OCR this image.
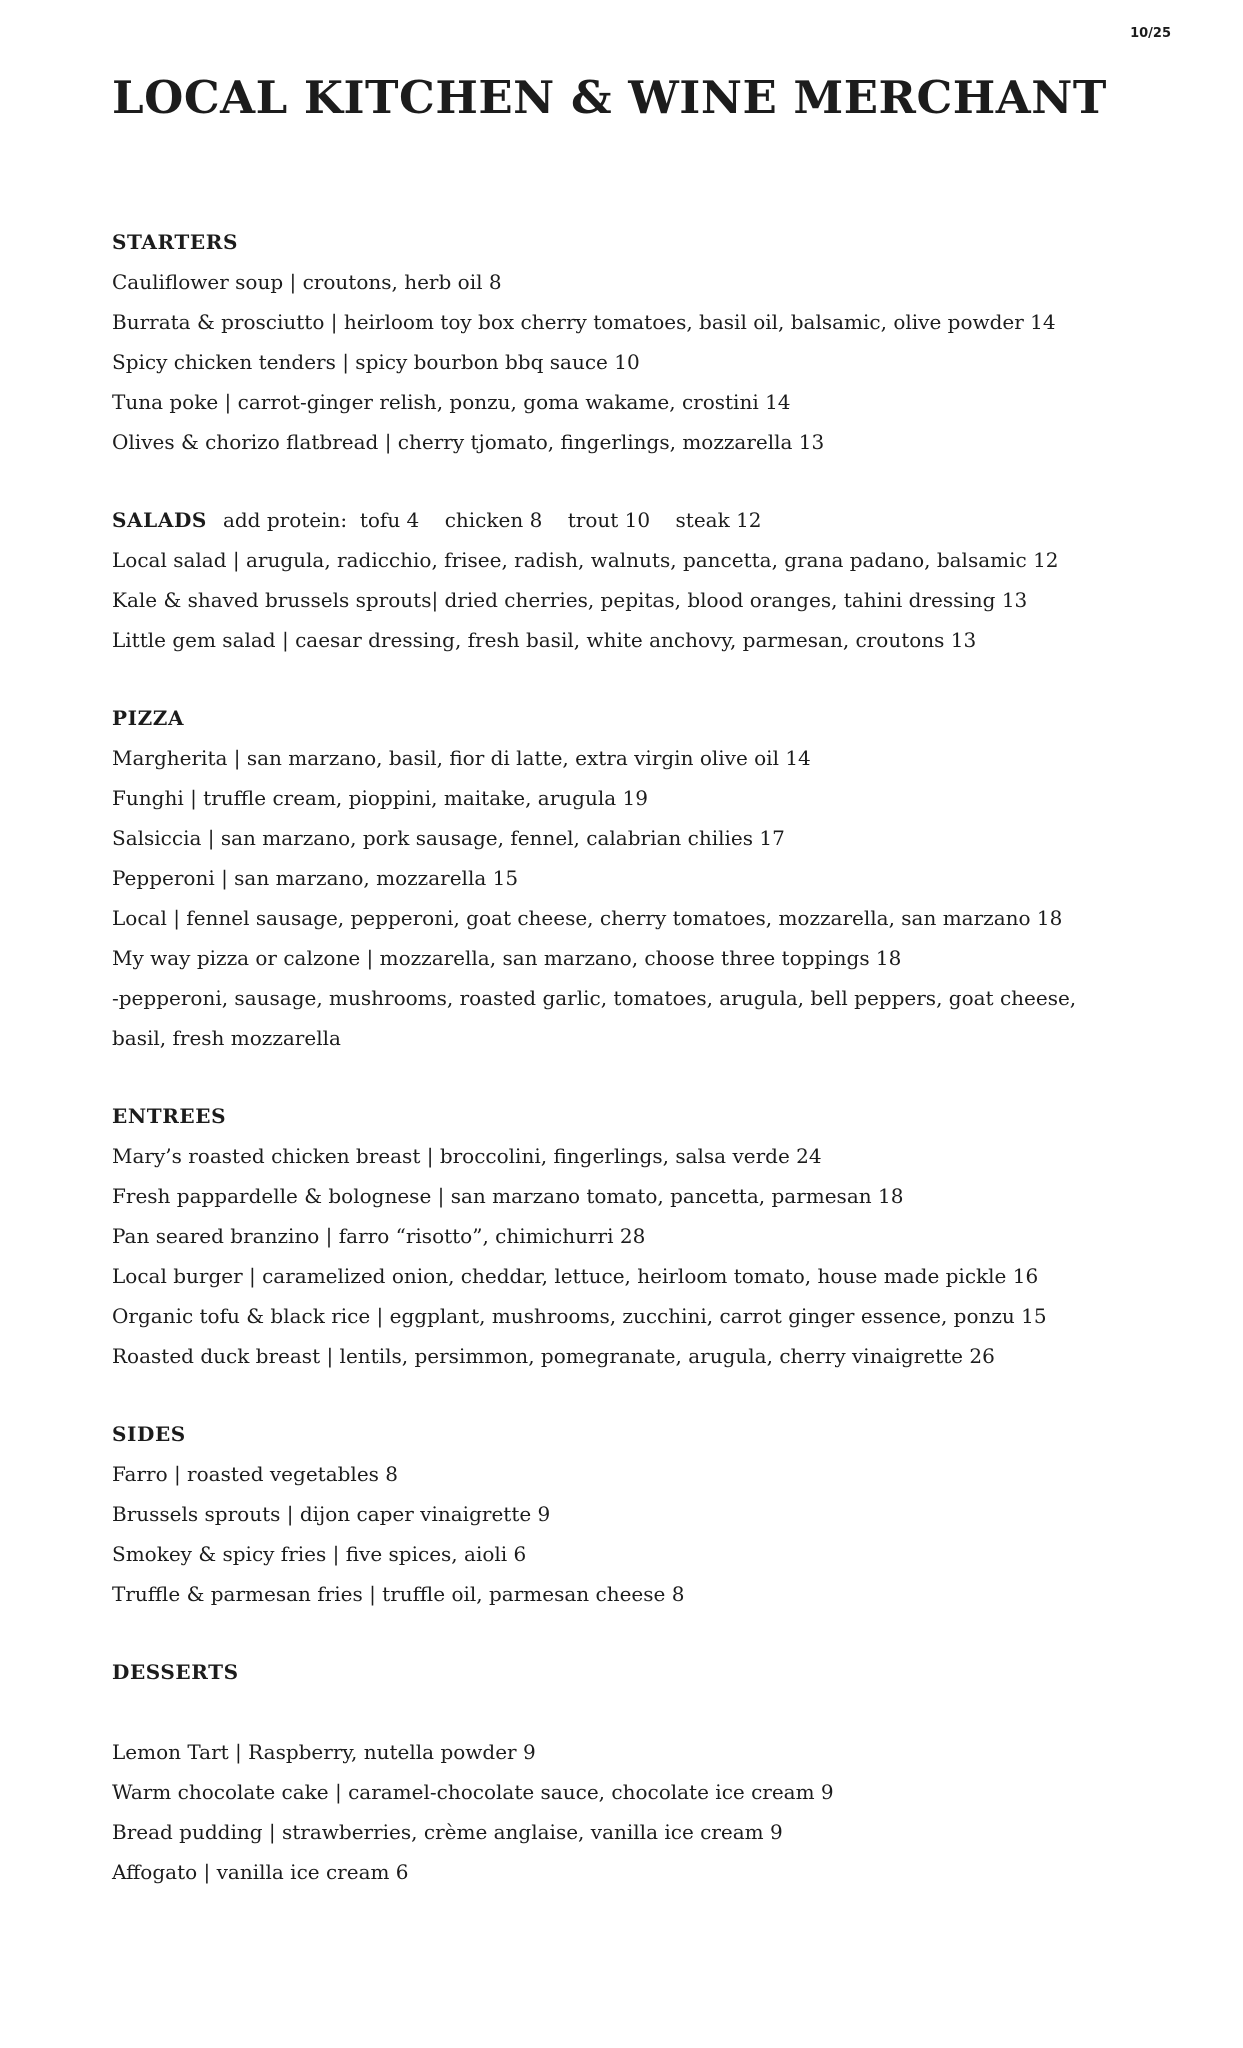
10/25
LOCAL KITCHEN & WINE MERCHANT

STARTERS

Cauliflower soup | croutons, herb oil 8

Burrata & prosciutto | heirloom toy box cherry tomatoes, basil oil, balsamic, olive powder 14

Spicy chicken tenders | spicy bourbon bbq sauce 10

Tuna poke | carrot-ginger relish, ponzu, goma wakame, crostini 14

Olives & chorizo flatbread | cherry tjomato, fingerlings, mozzarella 13

SALADS add protein:  tofu 4    chicken 8    trout 10    steak 12

Local salad | arugula, radicchio, frisee, radish, walnuts, pancetta, grana padano, balsamic 12

Kale & shaved brussels sprouts| dried cherries, pepitas, blood oranges, tahini dressing 13

Little gem salad | caesar dressing, fresh basil, white anchovy, parmesan, croutons 13

PIZZA

Margherita | san marzano, basil, fior di latte, extra virgin olive oil 14

Funghi | truffle cream, pioppini, maitake, arugula 19

Salsiccia | san marzano, pork sausage, fennel, calabrian chilies 17

Pepperoni | san marzano, mozzarella 15

Local | fennel sausage, pepperoni, goat cheese, cherry tomatoes, mozzarella, san marzano 18

My way pizza or calzone | mozzarella, san marzano, choose three toppings 18

-pepperoni, sausage, mushrooms, roasted garlic, tomatoes, arugula, bell peppers, goat cheese, basil, fresh mozzarella

ENTREES

Mary’s roasted chicken breast | broccolini, fingerlings, salsa verde 24

Fresh pappardelle & bolognese | san marzano tomato, pancetta, parmesan 18

Pan seared branzino | farro “risotto”, chimichurri 28

Local burger | caramelized onion, cheddar, lettuce, heirloom tomato, house made pickle 16

Organic tofu & black rice | eggplant, mushrooms, zucchini, carrot ginger essence, ponzu 15

Roasted duck breast | lentils, persimmon, pomegranate, arugula, cherry vinaigrette 26

SIDES

Farro | roasted vegetables 8

Brussels sprouts | dijon caper vinaigrette 9

Smokey & spicy fries | five spices, aioli 6

Truffle & parmesan fries | truffle oil, parmesan cheese 8

DESSERTS

Lemon Tart | Raspberry, nutella powder 9

Warm chocolate cake | caramel-chocolate sauce, chocolate ice cream 9

Bread pudding | strawberries, crème anglaise, vanilla ice cream 9

Affogato | vanilla ice cream 6
